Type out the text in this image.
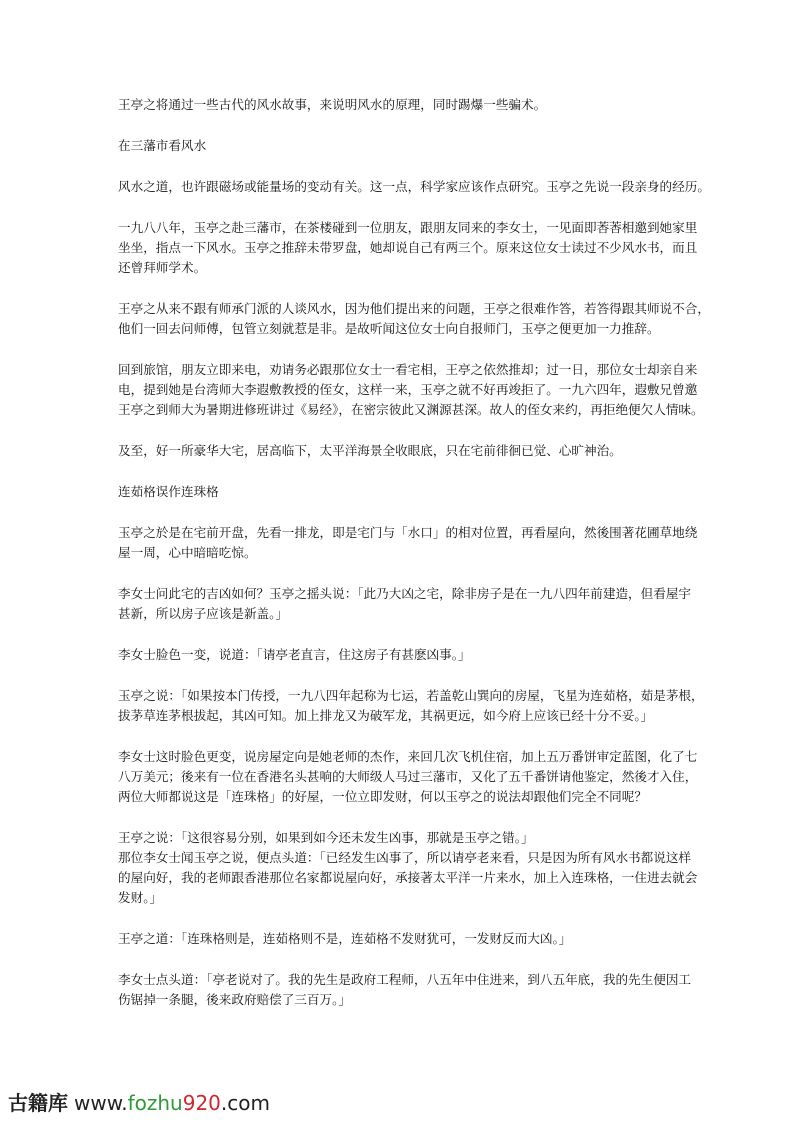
王亭之将通过一些古代的风水故事，来说明风水的原理，同时踢爆一些骗术。

在三藩市看风水

风水之道，也许跟磁场或能量场的变动有关。这一点，科学家应该作点研究。玉亭之先说一段亲身的经历。

一九八八年，玉亭之赴三藩市，在茶楼碰到一位朋友，跟朋友同来的李女士，一见面即莕莕相邀到她家里
坐坐，指点一下风水。玉亭之推辞未带罗盘，她却说自己有两三个。原来这位女士读过不少风水书，而且
还曾拜师学术。

王亭之从来不跟有师承门派的人谈风水，因为他们提出来的问题，王亭之很难作答，若答得跟其师说不合，
他们一回去问师傅，包管立刻就惹是非。是故听闻这位女士向自报师门，玉亭之便更加一力推辞。

回到旅馆，朋友立即来电，劝请务必跟那位女士一看宅相，王亭之依然推却；过一日，那位女士却亲自来
电，提到她是台湾师大李遐敷教授的侄女，这样一来，玉亭之就不好再竣拒了。一九六四年，遐敷兄曾邀
王亭之到师大为暑期进修班讲过《易经》，在密宗彼此又渊源甚深。故人的侄女来约，再拒绝便欠人情味。

及至，好一所豪华大宅，居高临下，太平洋海景全收眼底，只在宅前徘徊已觉、心旷神治。

连茹格误作连珠格

玉亭之於是在宅前开盘，先看一排龙，即是宅门与「水口」的相对位置，再看屋向，然後围著花圃草地绕
屋一周，心中暗暗吃惊。

李女士问此宅的吉凶如何？玉亭之摇头说：「此乃大凶之宅，除非房子是在一九八四年前建造，但看屋宇
甚新，所以房子应该是新盖。」

李女士脸色一变，说道：「请亭老直言，住这房子有甚麽凶事。」

玉亭之说：「如果按本门传授，一九八四年起称为七运，若盖乾山巽向的房屋，飞星为连茹格，茹是茅根，
拔茅草连茅根拔起，其凶可知。加上排龙又为破军龙，其祸更远，如今府上应该已经十分不妥。」

李女士这时脸色更变，说房屋定向是她老师的杰作，来回几次飞机住宿，加上五万番饼审定蓝图，化了七
八万美元；後来有一位在香港名头甚响的大师级人马过三藩市，又化了五千番饼请他鉴定，然後才入住，
两位大师都说这是「连珠格」的好屋，一位立即发财，何以玉亭之的说法却跟他们完全不同呢？

王亭之说：「这很容易分别，如果到如今还未发生凶事，那就是玉亭之错。」
那位李女士闻玉亭之说，便点头道：「已经发生凶事了，所以请亭老来看，只是因为所有风水书都说这样
的屋向好，我的老师跟香港那位名家都说屋向好，承接著太平洋一片来水，加上入连珠格，一住进去就会
发财。」

王亭之道：「连珠格则是，连茹格则不是，连茹格不发财犹可，一发财反而大凶。」

李女士点头道：「亭老说对了。我的先生是政府工程师，八五年中住进来，到八五年底，我的先生便因工
伤锯掉一条腿，後来政府赔偿了三百万。」

古籍库 www.fozhu920.com
